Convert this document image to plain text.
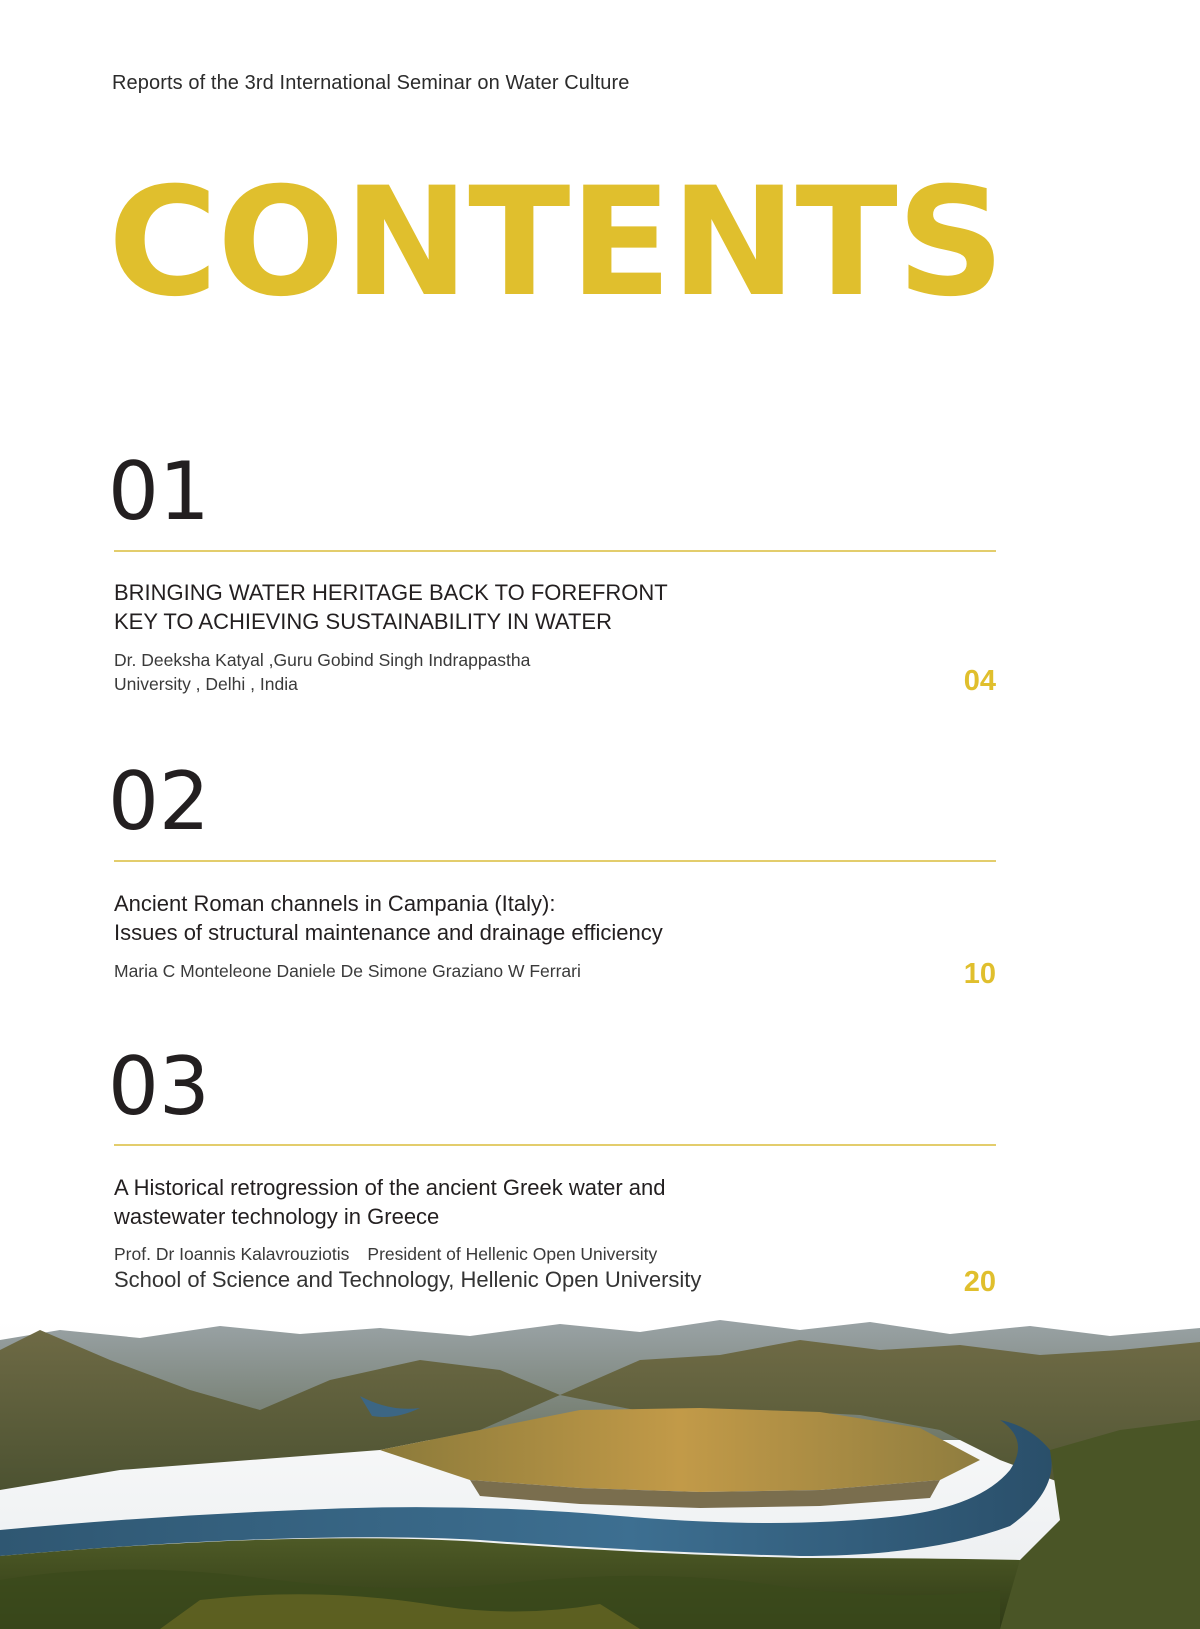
Reports of the 3rd International Seminar on Water Culture
CONTENTS
01
BRINGING WATER HERITAGE BACK TO FOREFRONT
KEY TO ACHIEVING SUSTAINABILITY IN WATER
Dr. Deeksha Katyal ,Guru Gobind Singh Indrappastha
University , Delhi , India	04
02
Ancient Roman channels in Campania (Italy):
Issues of structural maintenance and drainage efficiency
Maria C Monteleone Daniele De Simone Graziano W Ferrari	10
03
A Historical retrogression of the ancient Greek water and
wastewater technology in Greece
Prof. Dr Ioannis Kalavrouziotis President of Hellenic Open University
School of Science and Technology, Hellenic Open University	20
